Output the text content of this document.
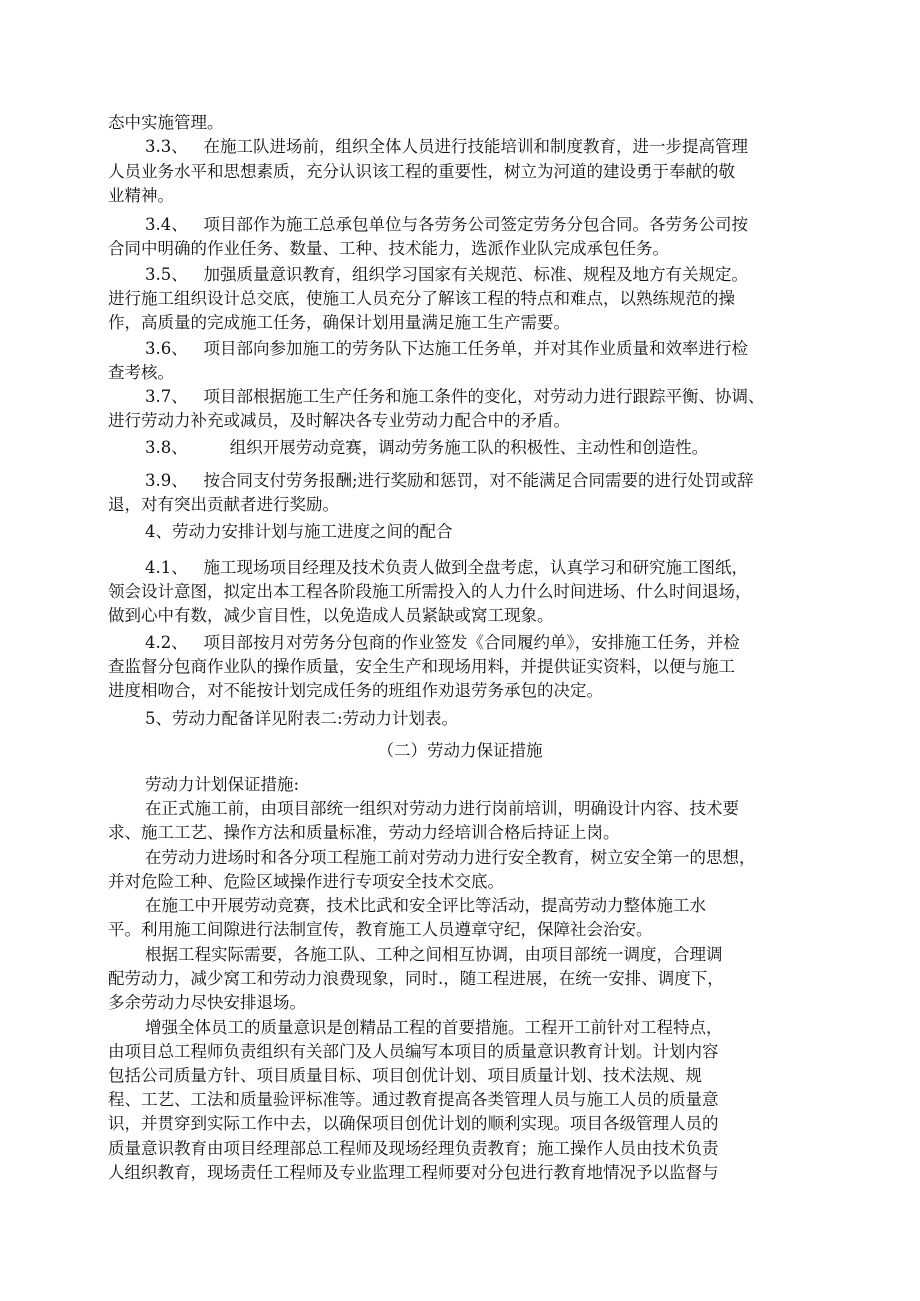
态中实施管理。
3.3、   在施工队进场前，组织全体人员进行技能培训和制度教育，进一步提高管理
人员业务水平和思想素质，充分认识该工程的重要性，树立为河道的建设勇于奉献的敬
业精神。
3.4、   项目部作为施工总承包单位与各劳务公司签定劳务分包合同。各劳务公司按
合同中明确的作业任务、数量、工种、技术能力，选派作业队完成承包任务。
3.5、   加强质量意识教育，组织学习国家有关规范、标准、规程及地方有关规定。
进行施工组织设计总交底，使施工人员充分了解该工程的特点和难点，以熟练规范的操
作，高质量的完成施工任务，确保计划用量满足施工生产需要。
3.6、   项目部向参加施工的劳务队下达施工任务单，并对其作业质量和效率进行检
查考核。
3.7、   项目部根据施工生产任务和施工条件的变化，对劳动力进行跟踪平衡、协调、
进行劳动力补充或减员，及时解决各专业劳动力配合中的矛盾。
3.8、        组织开展劳动竞赛，调动劳务施工队的积极性、主动性和创造性。
3.9、   按合同支付劳务报酬;进行奖励和惩罚，对不能满足合同需要的进行处罚或辞
退，对有突出贡献者进行奖励。
4、劳动力安排计划与施工进度之间的配合
4.1、   施工现场项目经理及技术负责人做到全盘考虑，认真学习和研究施工图纸，
领会设计意图，拟定出本工程各阶段施工所需投入的人力什么时间进场、什么时间退场，
做到心中有数，减少盲目性，以免造成人员紧缺或窝工现象。
4.2、   项目部按月对劳务分包商的作业签发《合同履约单》，安排施工任务，并检
查监督分包商作业队的操作质量，安全生产和现场用料，并提供证实资料，以便与施工
进度相吻合，对不能按计划完成任务的班组作劝退劳务承包的决定。
5、劳动力配备详见附表二:劳动力计划表。
（二）劳动力保证措施
劳动力计划保证措施:
在正式施工前，由项目部统一组织对劳动力进行岗前培训，明确设计内容、技术要
求、施工工艺、操作方法和质量标准，劳动力经培训合格后持证上岗。
在劳动力进场时和各分项工程施工前对劳动力进行安全教育，树立安全第一的思想，
并对危险工种、危险区域操作进行专项安全技术交底。
在施工中开展劳动竞赛，技术比武和安全评比等活动，提高劳动力整体施工水
平。利用施工间隙进行法制宣传，教育施工人员遵章守纪，保障社会治安。
根据工程实际需要，各施工队、工种之间相互协调，由项目部统一调度，合理调
配劳动力，减少窝工和劳动力浪费现象，同时.，随工程进展，在统一安排、调度下，
多余劳动力尽快安排退场。
增强全体员工的质量意识是创精品工程的首要措施。工程开工前针对工程特点，
由项目总工程师负责组织有关部门及人员编写本项目的质量意识教育计划。计划内容
包括公司质量方针、项目质量目标、项目创优计划、项目质量计划、技术法规、规
程、工艺、工法和质量验评标准等。通过教育提高各类管理人员与施工人员的质量意
识，并贯穿到实际工作中去，以确保项目创优计划的顺利实现。项目各级管理人员的
质量意识教育由项目经理部总工程师及现场经理负责教育；施工操作人员由技术负责
人组织教育，现场责任工程师及专业监理工程师要对分包进行教育地情况予以监督与
